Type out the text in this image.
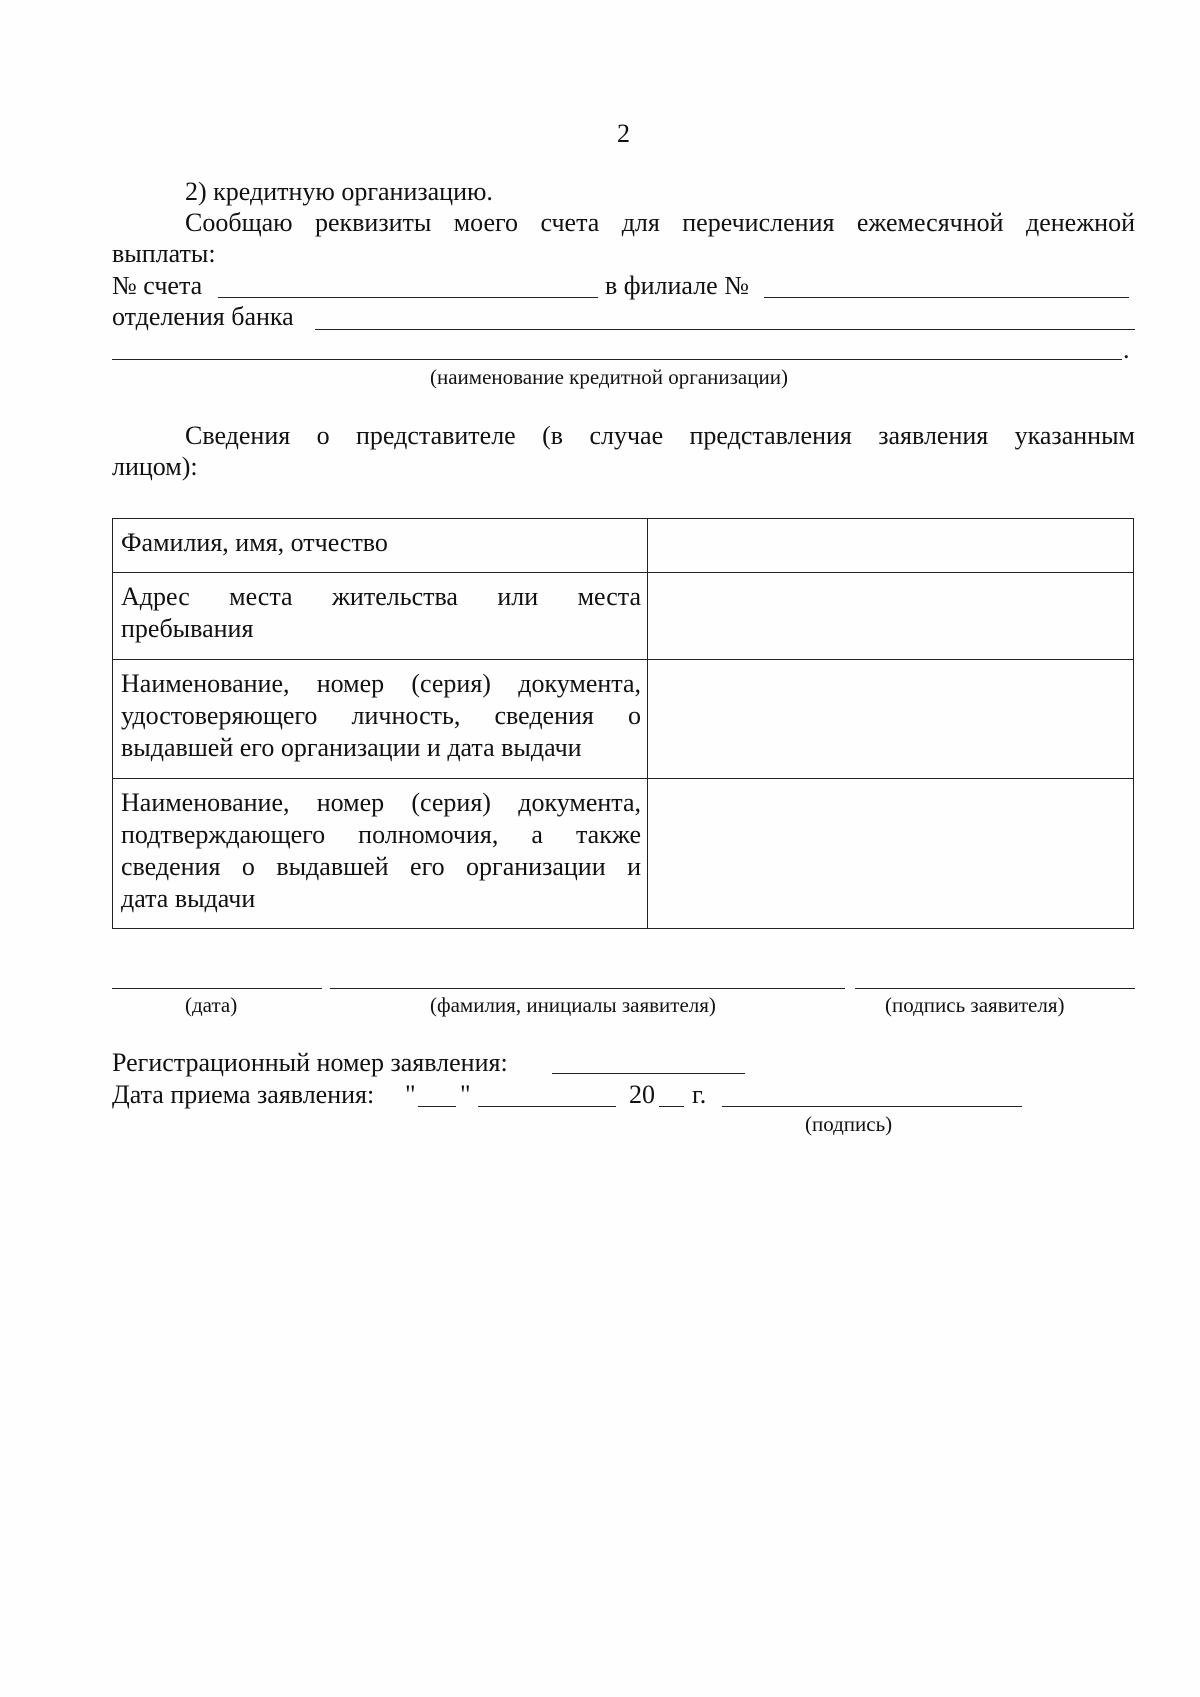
2
2) кредитную организацию.
Сообщаю реквизиты моего счета для перечисления ежемесячной денежной
выплаты:
№ счета	в филиале №
отделения банка
.
(наименование кредитной организации)
Сведения о представителе (в случае представления заявления указанным
лицом):
Фамилия, имя, отчество	

Адрес места жительства или места
пребывания	

Наименование, номер (серия) документа,
удостоверяющего личность, сведения о
выдавшей его организации и дата выдачи	

Наименование, номер (серия) документа,
подтверждающего полномочия, а также
сведения о выдавшей его организации и
дата выдачи	

(дата)	(фамилия, инициалы заявителя)	(подпись заявителя)
Регистрационный номер заявления:
Дата приема заявления: " "	20 г.
(подпись)
